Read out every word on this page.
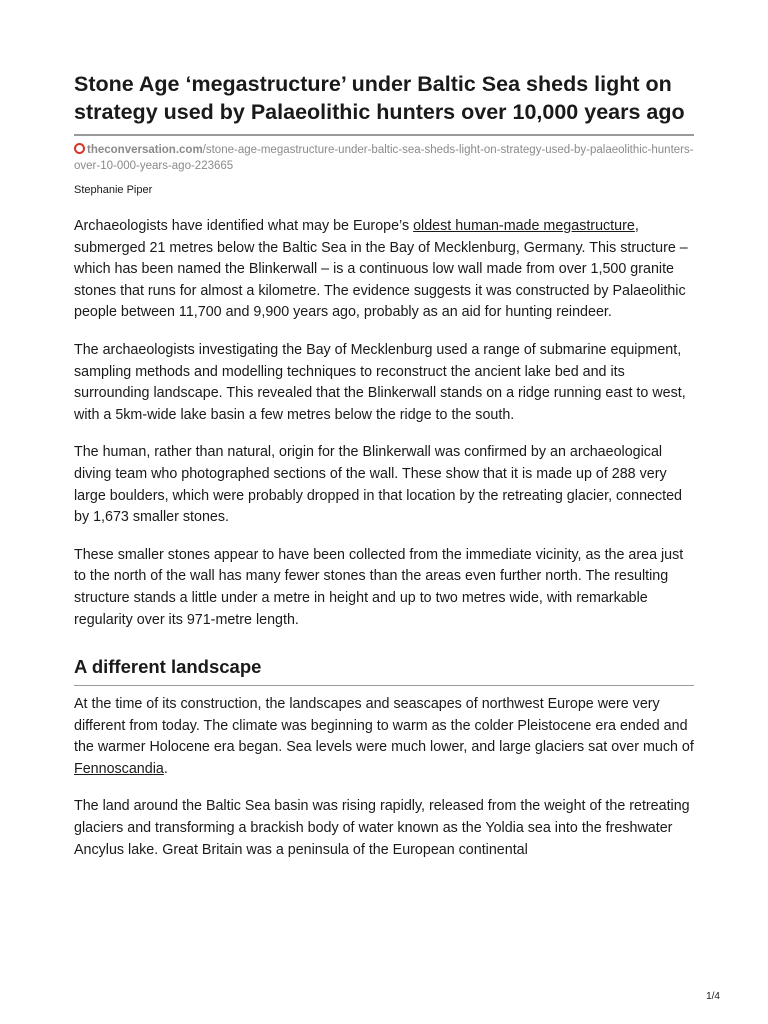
Stone Age ‘megastructure’ under Baltic Sea sheds light on strategy used by Palaeolithic hunters over 10,000 years ago
theconversation.com/stone-age-megastructure-under-baltic-sea-sheds-light-on-strategy-used-by-palaeolithic-hunters-over-10-000-years-ago-223665
Stephanie Piper

Archaeologists have identified what may be Europe’s oldest human-made megastructure, submerged 21 metres below the Baltic Sea in the Bay of Mecklenburg, Germany. This structure – which has been named the Blinkerwall – is a continuous low wall made from over 1,500 granite stones that runs for almost a kilometre. The evidence suggests it was constructed by Palaeolithic people between 11,700 and 9,900 years ago, probably as an aid for hunting reindeer.

The archaeologists investigating the Bay of Mecklenburg used a range of submarine equipment, sampling methods and modelling techniques to reconstruct the ancient lake bed and its surrounding landscape. This revealed that the Blinkerwall stands on a ridge running east to west, with a 5km-wide lake basin a few metres below the ridge to the south.

The human, rather than natural, origin for the Blinkerwall was confirmed by an archaeological diving team who photographed sections of the wall. These show that it is made up of 288 very large boulders, which were probably dropped in that location by the retreating glacier, connected by 1,673 smaller stones.

These smaller stones appear to have been collected from the immediate vicinity, as the area just to the north of the wall has many fewer stones than the areas even further north. The resulting structure stands a little under a metre in height and up to two metres wide, with remarkable regularity over its 971-metre length.

A different landscape

At the time of its construction, the landscapes and seascapes of northwest Europe were very different from today. The climate was beginning to warm as the colder Pleistocene era ended and the warmer Holocene era began. Sea levels were much lower, and large glaciers sat over much of Fennoscandia.

The land around the Baltic Sea basin was rising rapidly, released from the weight of the retreating glaciers and transforming a brackish body of water known as the Yoldia sea into the freshwater Ancylus lake. Great Britain was a peninsula of the European continental

1/4
